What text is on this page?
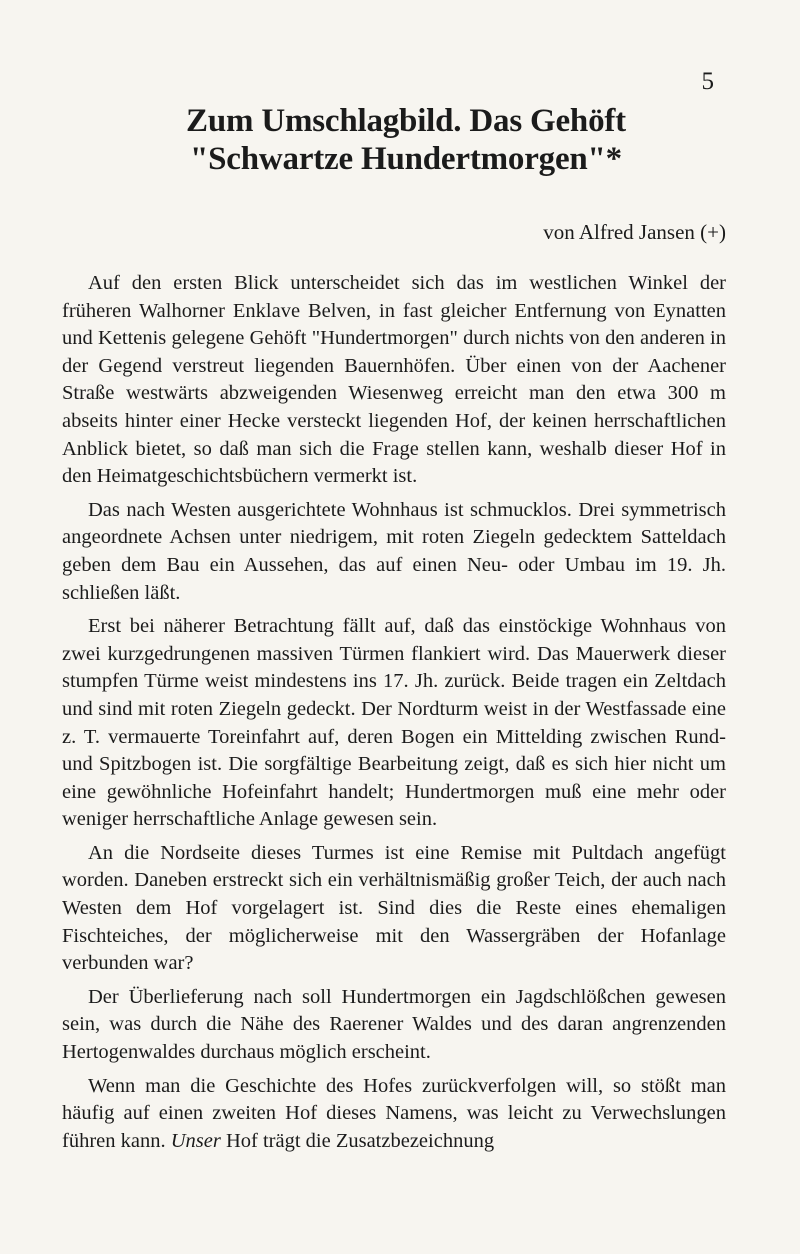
5
Zum Umschlagbild. Das Gehöft
"Schwartze Hundertmorgen"*
von Alfred Jansen (+)

Auf den ersten Blick unterscheidet sich das im westlichen Winkel der früheren Walhorner Enklave Belven, in fast gleicher Entfernung von Eynatten und Kettenis gelegene Gehöft "Hundertmorgen" durch nichts von den anderen in der Gegend verstreut liegenden Bauernhöfen. Über einen von der Aachener Straße westwärts abzweigenden Wiesenweg erreicht man den etwa 300 m abseits hinter einer Hecke versteckt liegenden Hof, der keinen herrschaftlichen Anblick bietet, so daß man sich die Frage stellen kann, weshalb dieser Hof in den Heimatgeschichtsbüchern vermerkt ist.

Das nach Westen ausgerichtete Wohnhaus ist schmucklos. Drei symmetrisch angeordnete Achsen unter niedrigem, mit roten Ziegeln gedecktem Satteldach geben dem Bau ein Aussehen, das auf einen Neu- oder Umbau im 19. Jh. schließen läßt.

Erst bei näherer Betrachtung fällt auf, daß das einstöckige Wohnhaus von zwei kurzgedrungenen massiven Türmen flankiert wird. Das Mauerwerk dieser stumpfen Türme weist mindestens ins 17. Jh. zurück. Beide tragen ein Zeltdach und sind mit roten Ziegeln gedeckt. Der Nordturm weist in der Westfassade eine z. T. vermauerte Toreinfahrt auf, deren Bogen ein Mittelding zwischen Rund- und Spitzbogen ist. Die sorgfältige Bearbeitung zeigt, daß es sich hier nicht um eine gewöhnliche Hofeinfahrt handelt; Hundertmorgen muß eine mehr oder weniger herrschaftliche Anlage gewesen sein.

An die Nordseite dieses Turmes ist eine Remise mit Pultdach angefügt worden. Daneben erstreckt sich ein verhältnismäßig großer Teich, der auch nach Westen dem Hof vorgelagert ist. Sind dies die Reste eines ehemaligen Fischteiches, der möglicherweise mit den Wassergräben der Hofanlage verbunden war?

Der Überlieferung nach soll Hundertmorgen ein Jagdschlößchen gewesen sein, was durch die Nähe des Raerener Waldes und des daran angrenzenden Hertogenwaldes durchaus möglich erscheint.

Wenn man die Geschichte des Hofes zurückverfolgen will, so stößt man häufig auf einen zweiten Hof dieses Namens, was leicht zu Verwechslungen führen kann. Unser Hof trägt die Zusatzbezeichnung
